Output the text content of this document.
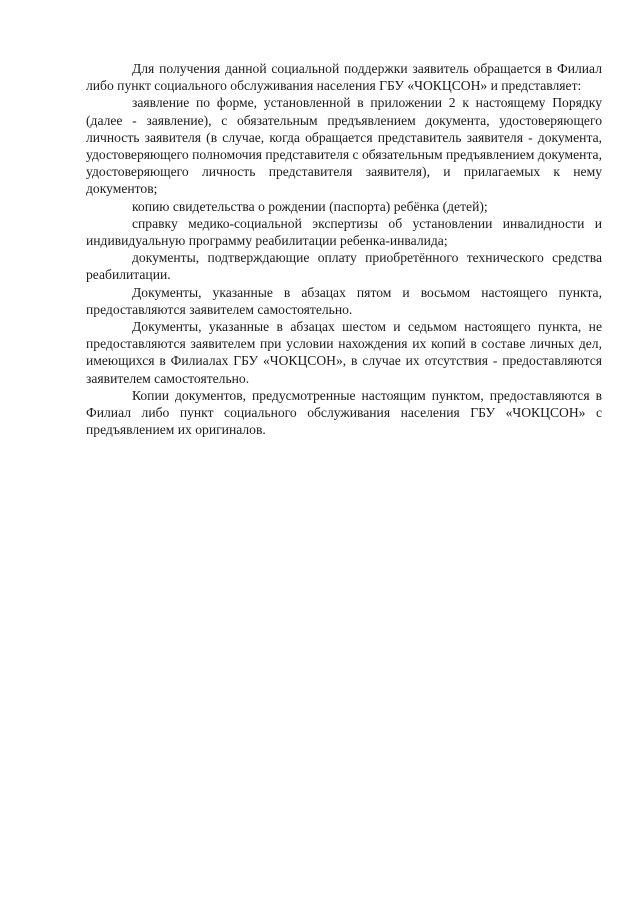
Для получения данной социальной поддержки заявитель обращается в Филиал либо пункт социального обслуживания населения ГБУ «ЧОКЦСОН» и представляет:

заявление по форме, установленной в приложении 2 к настоящему Порядку (далее - заявление), с обязательным предъявлением документа, удостоверяющего личность заявителя (в случае, когда обращается представитель заявителя - документа, удостоверяющего полномочия представителя с обязательным предъявлением документа, удостоверяющего личность представителя заявителя), и прилагаемых к нему документов;

копию свидетельства о рождении (паспорта) ребёнка (детей);

справку медико-социальной экспертизы об установлении инвалидности и индивидуальную программу реабилитации ребенка-инвалида;

документы, подтверждающие оплату приобретённого технического средства реабилитации.

Документы, указанные в абзацах пятом и восьмом настоящего пункта, предоставляются заявителем самостоятельно.

Документы, указанные в абзацах шестом и седьмом настоящего пункта, не предоставляются заявителем при условии нахождения их копий в составе личных дел, имеющихся в Филиалах ГБУ «ЧОКЦСОН», в случае их отсутствия - предоставляются заявителем самостоятельно.

Копии документов, предусмотренные настоящим пунктом, предоставляются в Филиал либо пункт социального обслуживания населения ГБУ «ЧОКЦСОН» с предъявлением их оригиналов.
